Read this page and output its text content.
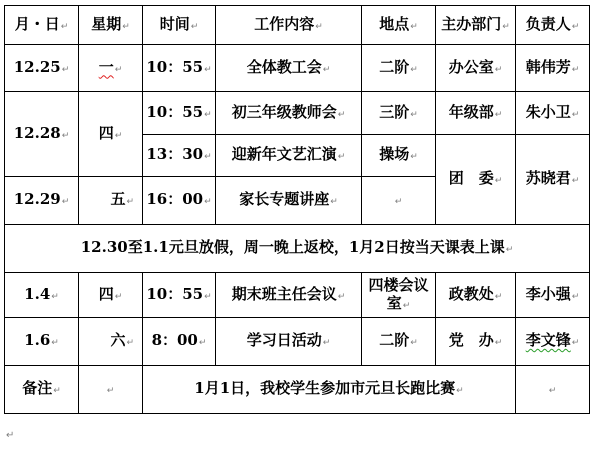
月・日↵	星期↵	时间↵	工作内容↵	地点↵	主办部门↵	负责人↵
12.25↵	一↵	10：55↵	全体教工会↵	二阶↵	办公室↵	韩伟芳↵
12.28↵	四↵	10：55↵	初三年级教师会↵	三阶↵	年级部↵	朱小卫↵
		13：30↵	迎新年文艺汇演↵	操场↵	团　委↵	苏晓君↵
12.29↵	五↵	16：00↵	家长专题讲座↵	↵		
12.30至1.1元旦放假，周一晚上返校，1月2日按当天课表上课↵						
1.4↵	四↵	10：55↵	期末班主任会议↵	四楼会议室↵	政教处↵	李小强↵
1.6↵	六↵	8：00↵	学习日活动↵	二阶↵	党　办↵	李文锋↵
备注↵	↵	1月1日，我校学生参加市元旦长跑比赛↵				↵
↵
